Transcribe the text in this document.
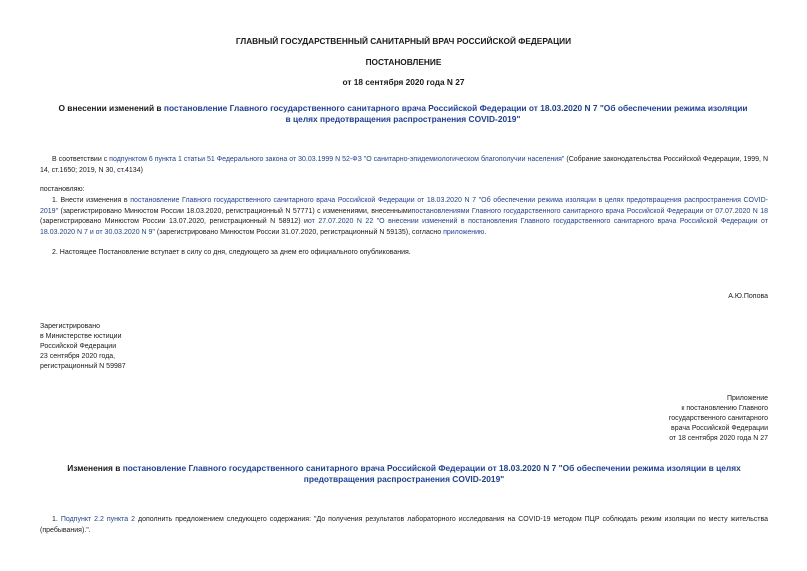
ГЛАВНЫЙ ГОСУДАРСТВЕННЫЙ САНИТАРНЫЙ ВРАЧ РОССИЙСКОЙ ФЕДЕРАЦИИ
ПОСТАНОВЛЕНИЕ
от 18 сентября 2020 года N 27
О внесении изменений в постановление Главного государственного санитарного врача Российской Федерации от 18.03.2020 N 7 "Об обеспечении режима изоляции в целях предотвращения распространения COVID-2019"
В соответствии с подпунктом 6 пункта 1 статьи 51 Федерального закона от 30.03.1999 N 52-ФЗ "О санитарно-эпидемиологическом благополучии населения" (Собрание законодательства Российской Федерации, 1999, N 14, ст.1650; 2019, N 30, ст.4134)
постановляю:
1. Внести изменения в постановление Главного государственного санитарного врача Российской Федерации от 18.03.2020 N 7 "Об обеспечении режима изоляции в целях предотвращения распространения COVID-2019" (зарегистрировано Минюстом России 18.03.2020, регистрационный N 57771) с изменениями, внесеннымипостановлениями Главного государственного санитарного врача Российской Федерации от 07.07.2020 N 18 (зарегистрировано Минюстом России 13.07.2020, регистрационный N 58912) иот 27.07.2020 N 22 "О внесении изменений в постановления Главного государственного санитарного врача Российской Федерации от 18.03.2020 N 7 и от 30.03.2020 N 9" (зарегистрировано Минюстом России 31.07.2020, регистрационный N 59135), согласно приложению.
2. Настоящее Постановление вступает в силу со дня, следующего за днем его официального опубликования.
А.Ю.Попова
Зарегистрировано
в Министерстве юстиции
Российской Федерации
23 сентября 2020 года,
регистрационный N 59987
Приложение
к постановлению Главного
государственного санитарного
врача Российской Федерации
от 18 сентября 2020 года N 27
Изменения в постановление Главного государственного санитарного врача Российской Федерации от 18.03.2020 N 7 "Об обеспечении режима изоляции в целях предотвращения распространения COVID-2019"
1. Подпункт 2.2 пункта 2 дополнить предложением следующего содержания: "До получения результатов лабораторного исследования на COVID-19 методом ПЦР соблюдать режим изоляции по месту жительства (пребывания).".
